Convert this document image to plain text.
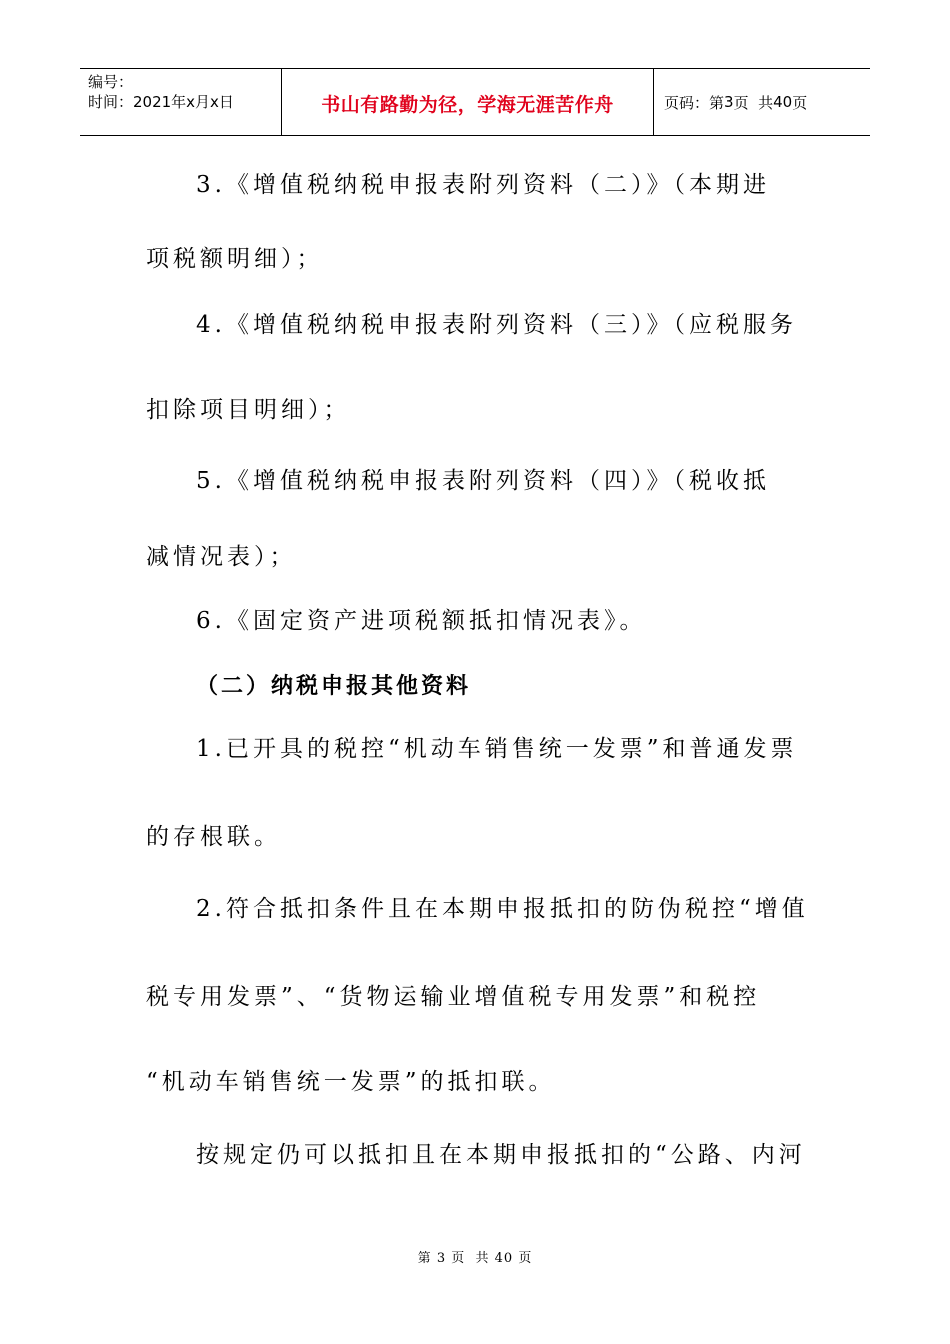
编号：
时间：2021年x月x日	书山有路勤为径，学海无涯苦作舟	页码：第 3 页  共 40 页
3.《增值税纳税申报表附列资料（二）》（本期进
项税额明细）；
4.《增值税纳税申报表附列资料（三）》（应税服务
扣除项目明细）；
5.《增值税纳税申报表附列资料（四）》（税收抵
减情况表）；
6.《固定资产进项税额抵扣情况表》。
（二）纳税申报其他资料
1.已开具的税控“机动车销售统一发票”和普通发票
的存根联。
2.符合抵扣条件且在本期申报抵扣的防伪税控“增值
税专用发票”、“货物运输业增值税专用发票”和税控
“机动车销售统一发票”的抵扣联。
按规定仍可以抵扣且在本期申报抵扣的“公路、内河
第 3 页  共 40 页
